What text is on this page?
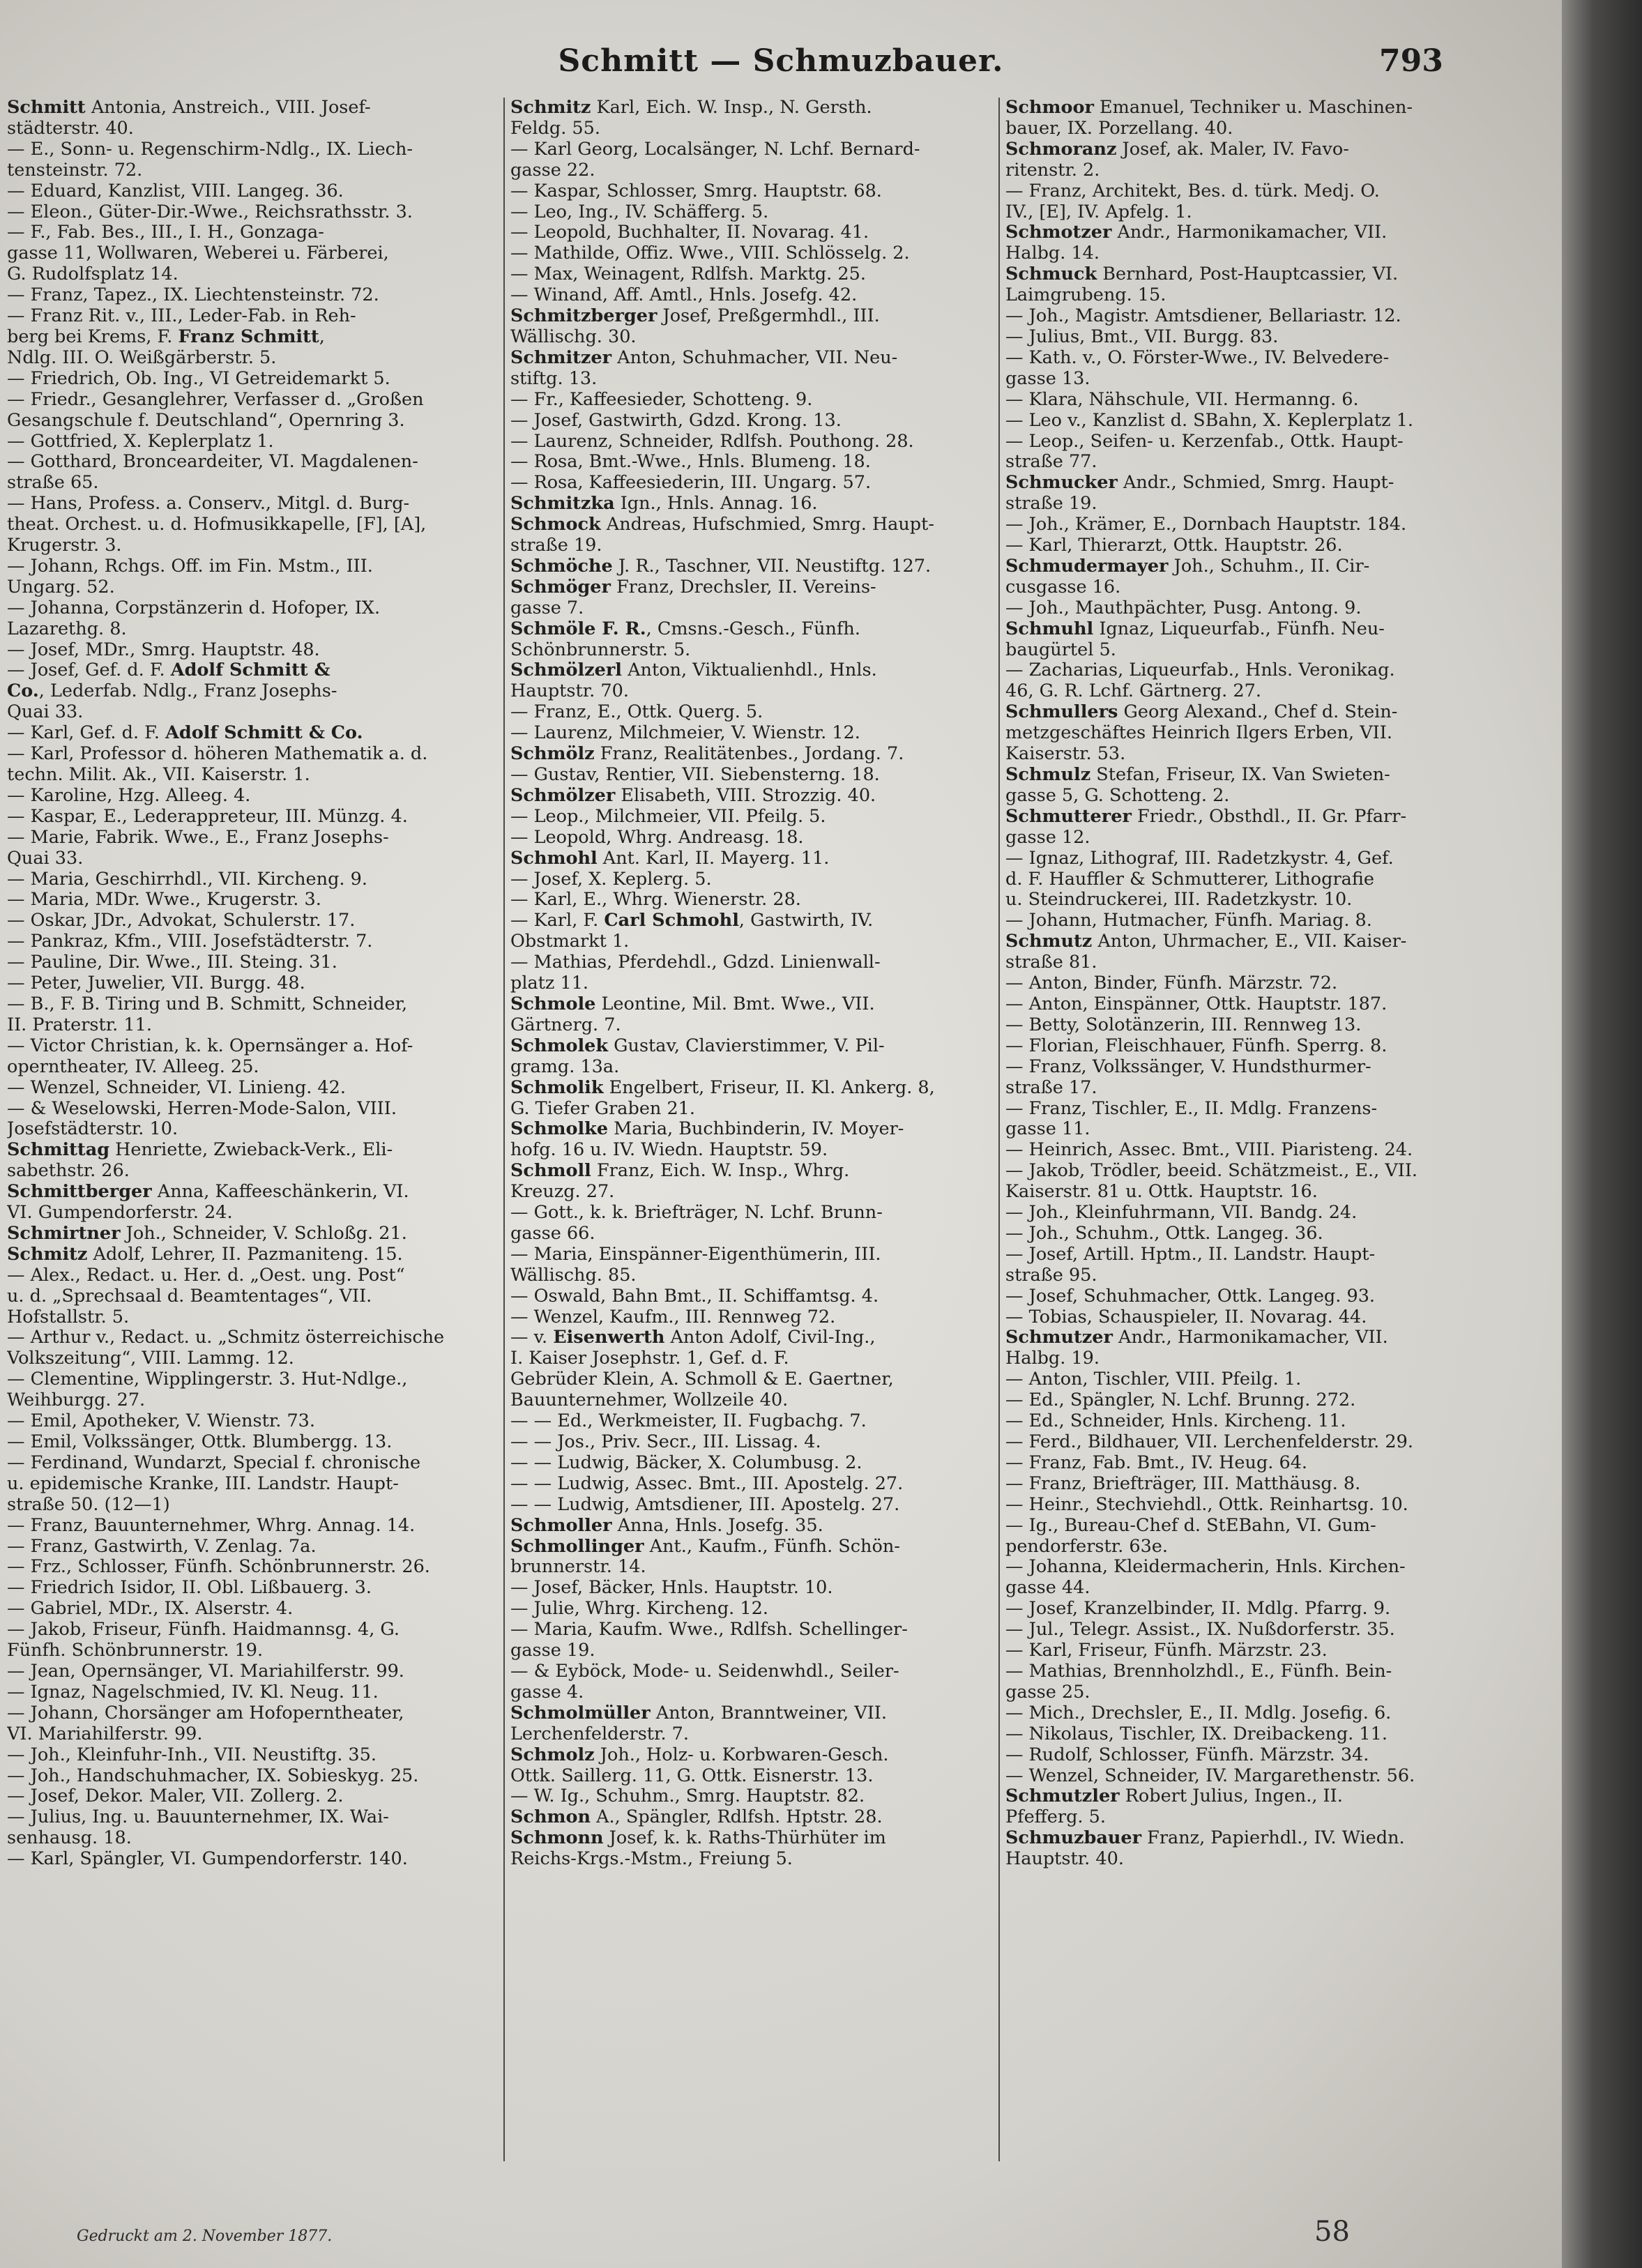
Schmitt — Schmuzbauer.	793
Schmitt Antonia, Anstreich., VIII. Josef-
städterstr. 40.
— E., Sonn- u. Regenschirm-Ndlg., IX. Liech-
tensteinstr. 72.
— Eduard, Kanzlist, VIII. Langeg. 36.
— Eleon., Güter-Dir.-Wwe., Reichsrathsstr. 3.
— F., Fab. Bes., III., I. H., Gonzaga-
gasse 11, Wollwaren, Weberei u. Färberei,
G. Rudolfsplatz 14.
— Franz, Tapez., IX. Liechtensteinstr. 72.
— Franz Rit. v., III., Leder-Fab. in Reh-
berg bei Krems, F. Franz Schmitt,
Ndlg. III. O. Weißgärberstr. 5.
— Friedrich, Ob. Ing., VI Getreidemarkt 5.
— Friedr., Gesanglehrer, Verfasser d. „Großen
Gesangschule f. Deutschland“, Opernring 3.
— Gottfried, X. Keplerplatz 1.
— Gotthard, Bronceardeiter, VI. Magdalenen-
straße 65.
— Hans, Profess. a. Conserv., Mitgl. d. Burg-
theat. Orchest. u. d. Hofmusikkapelle, [F], [A],
Krugerstr. 3.
— Johann, Rchgs. Off. im Fin. Mstm., III.
Ungarg. 52.
— Johanna, Corpstänzerin d. Hofoper, IX.
Lazarethg. 8.
— Josef, MDr., Smrg. Hauptstr. 48.
— Josef, Gef. d. F. Adolf Schmitt &
Co., Lederfab. Ndlg., Franz Josephs-
Quai 33.
— Karl, Gef. d. F. Adolf Schmitt & Co.
— Karl, Professor d. höheren Mathematik a. d.
techn. Milit. Ak., VII. Kaiserstr. 1.
— Karoline, Hzg. Alleeg. 4.
— Kaspar, E., Lederappreteur, III. Münzg. 4.
— Marie, Fabrik. Wwe., E., Franz Josephs-
Quai 33.
— Maria, Geschirrhdl., VII. Kircheng. 9.
— Maria, MDr. Wwe., Krugerstr. 3.
— Oskar, JDr., Advokat, Schulerstr. 17.
— Pankraz, Kfm., VIII. Josefstädterstr. 7.
— Pauline, Dir. Wwe., III. Steing. 31.
— Peter, Juwelier, VII. Burgg. 48.
— B., F. B. Tiring und B. Schmitt, Schneider,
II. Praterstr. 11.
— Victor Christian, k. k. Opernsänger a. Hof-
operntheater, IV. Alleeg. 25.
— Wenzel, Schneider, VI. Linieng. 42.
— & Weselowski, Herren-Mode-Salon, VIII.
Josefstädterstr. 10.
Schmittag Henriette, Zwieback-Verk., Eli-
sabethstr. 26.
Schmittberger Anna, Kaffeeschänkerin, VI.
VI. Gumpendorferstr. 24.
Schmirtner Joh., Schneider, V. Schloßg. 21.
Schmitz Adolf, Lehrer, II. Pazmaniteng. 15.
— Alex., Redact. u. Her. d. „Oest. ung. Post“
u. d. „Sprechsaal d. Beamtentages“, VII.
Hofstallstr. 5.
— Arthur v., Redact. u. „Schmitz österreichische
Volkszeitung“, VIII. Lammg. 12.
— Clementine, Wipplingerstr. 3. Hut-Ndlge.,
Weihburgg. 27.
— Emil, Apotheker, V. Wienstr. 73.
— Emil, Volkssänger, Ottk. Blumbergg. 13.
— Ferdinand, Wundarzt, Special f. chronische
u. epidemische Kranke, III. Landstr. Haupt-
straße 50. (12—1)
— Franz, Bauunternehmer, Whrg. Annag. 14.
— Franz, Gastwirth, V. Zenlag. 7a.
— Frz., Schlosser, Fünfh. Schönbrunnerstr. 26.
— Friedrich Isidor, II. Obl. Lißbauerg. 3.
— Gabriel, MDr., IX. Alserstr. 4.
— Jakob, Friseur, Fünfh. Haidmannsg. 4, G.
Fünfh. Schönbrunnerstr. 19.
— Jean, Opernsänger, VI. Mariahilferstr. 99.
— Ignaz, Nagelschmied, IV. Kl. Neug. 11.
— Johann, Chorsänger am Hofoperntheater,
VI. Mariahilferstr. 99.
— Joh., Kleinfuhr-Inh., VII. Neustiftg. 35.
— Joh., Handschuhmacher, IX. Sobieskyg. 25.
— Josef, Dekor. Maler, VII. Zollerg. 2.
— Julius, Ing. u. Bauunternehmer, IX. Wai-
senhausg. 18.
— Karl, Spängler, VI. Gumpendorferstr. 140.
Schmitz Karl, Eich. W. Insp., N. Gersth.
Feldg. 55.
— Karl Georg, Localsänger, N. Lchf. Bernard-
gasse 22.
— Kaspar, Schlosser, Smrg. Hauptstr. 68.
— Leo, Ing., IV. Schäfferg. 5.
— Leopold, Buchhalter, II. Novarag. 41.
— Mathilde, Offiz. Wwe., VIII. Schlösselg. 2.
— Max, Weinagent, Rdlfsh. Marktg. 25.
— Winand, Aff. Amtl., Hnls. Josefg. 42.
Schmitzberger Josef, Preßgermhdl., III.
Wällischg. 30.
Schmitzer Anton, Schuhmacher, VII. Neu-
stiftg. 13.
— Fr., Kaffeesieder, Schotteng. 9.
— Josef, Gastwirth, Gdzd. Krong. 13.
— Laurenz, Schneider, Rdlfsh. Pouthong. 28.
— Rosa, Bmt.-Wwe., Hnls. Blumeng. 18.
— Rosa, Kaffeesiederin, III. Ungarg. 57.
Schmitzka Ign., Hnls. Annag. 16.
Schmock Andreas, Hufschmied, Smrg. Haupt-
straße 19.
Schmöche J. R., Taschner, VII. Neustiftg. 127.
Schmöger Franz, Drechsler, II. Vereins-
gasse 7.
Schmöle F. R., Cmsns.-Gesch., Fünfh.
Schönbrunnerstr. 5.
Schmölzerl Anton, Viktualienhdl., Hnls.
Hauptstr. 70.
— Franz, E., Ottk. Querg. 5.
— Laurenz, Milchmeier, V. Wienstr. 12.
Schmölz Franz, Realitätenbes., Jordang. 7.
— Gustav, Rentier, VII. Siebensterng. 18.
Schmölzer Elisabeth, VIII. Strozzig. 40.
— Leop., Milchmeier, VII. Pfeilg. 5.
— Leopold, Whrg. Andreasg. 18.
Schmohl Ant. Karl, II. Mayerg. 11.
— Josef, X. Keplerg. 5.
— Karl, E., Whrg. Wienerstr. 28.
— Karl, F. Carl Schmohl, Gastwirth, IV.
Obstmarkt 1.
— Mathias, Pferdehdl., Gdzd. Linienwall-
platz 11.
Schmole Leontine, Mil. Bmt. Wwe., VII.
Gärtnerg. 7.
Schmolek Gustav, Clavierstimmer, V. Pil-
gramg. 13a.
Schmolik Engelbert, Friseur, II. Kl. Ankerg. 8,
G. Tiefer Graben 21.
Schmolke Maria, Buchbinderin, IV. Moyer-
hofg. 16 u. IV. Wiedn. Hauptstr. 59.
Schmoll Franz, Eich. W. Insp., Whrg.
Kreuzg. 27.
— Gott., k. k. Briefträger, N. Lchf. Brunn-
gasse 66.
— Maria, Einspänner-Eigenthümerin, III.
Wällischg. 85.
— Oswald, Bahn Bmt., II. Schiffamtsg. 4.
— Wenzel, Kaufm., III. Rennweg 72.
— v. Eisenwerth Anton Adolf, Civil-Ing.,
I. Kaiser Josephstr. 1, Gef. d. F.
Gebrüder Klein, A. Schmoll & E. Gaertner,
Bauunternehmer, Wollzeile 40.
— — Ed., Werkmeister, II. Fugbachg. 7.
— — Jos., Priv. Secr., III. Lissag. 4.
— — Ludwig, Bäcker, X. Columbusg. 2.
— — Ludwig, Assec. Bmt., III. Apostelg. 27.
— — Ludwig, Amtsdiener, III. Apostelg. 27.
Schmoller Anna, Hnls. Josefg. 35.
Schmollinger Ant., Kaufm., Fünfh. Schön-
brunnerstr. 14.
— Josef, Bäcker, Hnls. Hauptstr. 10.
— Julie, Whrg. Kircheng. 12.
— Maria, Kaufm. Wwe., Rdlfsh. Schellinger-
gasse 19.
— & Eyböck, Mode- u. Seidenwhdl., Seiler-
gasse 4.
Schmolmüller Anton, Branntweiner, VII.
Lerchenfelderstr. 7.
Schmolz Joh., Holz- u. Korbwaren-Gesch.
Ottk. Saillerg. 11, G. Ottk. Eisnerstr. 13.
— W. Ig., Schuhm., Smrg. Hauptstr. 82.
Schmon A., Spängler, Rdlfsh. Hptstr. 28.
Schmonn Josef, k. k. Raths-Thürhüter im
Reichs-Krgs.-Mstm., Freiung 5.
Schmoor Emanuel, Techniker u. Maschinen-
bauer, IX. Porzellang. 40.
Schmoranz Josef, ak. Maler, IV. Favo-
ritenstr. 2.
— Franz, Architekt, Bes. d. türk. Medj. O.
IV., [E], IV. Apfelg. 1.
Schmotzer Andr., Harmonikamacher, VII.
Halbg. 14.
Schmuck Bernhard, Post-Hauptcassier, VI.
Laimgrubeng. 15.
— Joh., Magistr. Amtsdiener, Bellariastr. 12.
— Julius, Bmt., VII. Burgg. 83.
— Kath. v., O. Förster-Wwe., IV. Belvedere-
gasse 13.
— Klara, Nähschule, VII. Hermanng. 6.
— Leo v., Kanzlist d. SBahn, X. Keplerplatz 1.
— Leop., Seifen- u. Kerzenfab., Ottk. Haupt-
straße 77.
Schmucker Andr., Schmied, Smrg. Haupt-
straße 19.
— Joh., Krämer, E., Dornbach Hauptstr. 184.
— Karl, Thierarzt, Ottk. Hauptstr. 26.
Schmudermayer Joh., Schuhm., II. Cir-
cusgasse 16.
— Joh., Mauthpächter, Pusg. Antong. 9.
Schmuhl Ignaz, Liqueurfab., Fünfh. Neu-
baugürtel 5.
— Zacharias, Liqueurfab., Hnls. Veronikag.
46, G. R. Lchf. Gärtnerg. 27.
Schmullers Georg Alexand., Chef d. Stein-
metzgeschäftes Heinrich Ilgers Erben, VII.
Kaiserstr. 53.
Schmulz Stefan, Friseur, IX. Van Swieten-
gasse 5, G. Schotteng. 2.
Schmutterer Friedr., Obsthdl., II. Gr. Pfarr-
gasse 12.
— Ignaz, Lithograf, III. Radetzkystr. 4, Gef.
d. F. Hauffler & Schmutterer, Lithografie
u. Steindruckerei, III. Radetzkystr. 10.
— Johann, Hutmacher, Fünfh. Mariag. 8.
Schmutz Anton, Uhrmacher, E., VII. Kaiser-
straße 81.
— Anton, Binder, Fünfh. Märzstr. 72.
— Anton, Einspänner, Ottk. Hauptstr. 187.
— Betty, Solotänzerin, III. Rennweg 13.
— Florian, Fleischhauer, Fünfh. Sperrg. 8.
— Franz, Volkssänger, V. Hundsthurmer-
straße 17.
— Franz, Tischler, E., II. Mdlg. Franzens-
gasse 11.
— Heinrich, Assec. Bmt., VIII. Piaristeng. 24.
— Jakob, Trödler, beeid. Schätzmeist., E., VII.
Kaiserstr. 81 u. Ottk. Hauptstr. 16.
— Joh., Kleinfuhrmann, VII. Bandg. 24.
— Joh., Schuhm., Ottk. Langeg. 36.
— Josef, Artill. Hptm., II. Landstr. Haupt-
straße 95.
— Josef, Schuhmacher, Ottk. Langeg. 93.
— Tobias, Schauspieler, II. Novarag. 44.
Schmutzer Andr., Harmonikamacher, VII.
Halbg. 19.
— Anton, Tischler, VIII. Pfeilg. 1.
— Ed., Spängler, N. Lchf. Brunng. 272.
— Ed., Schneider, Hnls. Kircheng. 11.
— Ferd., Bildhauer, VII. Lerchenfelderstr. 29.
— Franz, Fab. Bmt., IV. Heug. 64.
— Franz, Briefträger, III. Matthäusg. 8.
— Heinr., Stechviehdl., Ottk. Reinhartsg. 10.
— Ig., Bureau-Chef d. StEBahn, VI. Gum-
pendorferstr. 63e.
— Johanna, Kleidermacherin, Hnls. Kirchen-
gasse 44.
— Josef, Kranzelbinder, II. Mdlg. Pfarrg. 9.
— Jul., Telegr. Assist., IX. Nußdorferstr. 35.
— Karl, Friseur, Fünfh. Märzstr. 23.
— Mathias, Brennholzhdl., E., Fünfh. Bein-
gasse 25.
— Mich., Drechsler, E., II. Mdlg. Josefig. 6.
— Nikolaus, Tischler, IX. Dreibackeng. 11.
— Rudolf, Schlosser, Fünfh. Märzstr. 34.
— Wenzel, Schneider, IV. Margarethenstr. 56.
Schmutzler Robert Julius, Ingen., II.
Pfefferg. 5.
Schmuzbauer Franz, Papierhdl., IV. Wiedn.
Hauptstr. 40.
Gedruckt am 2. November 1877.	58
